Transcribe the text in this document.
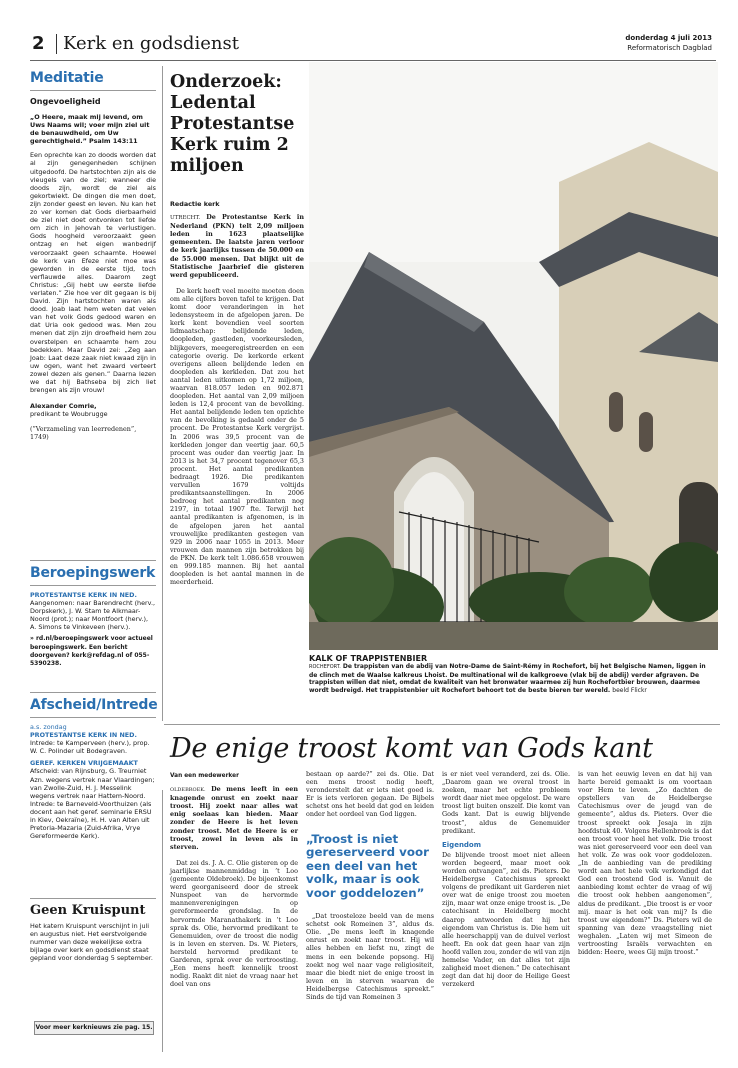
2 Kerk en godsdienst	donderdag 4 juli 2013
Reformatorisch Dagblad
Meditatie
Ongevoeligheid
„O Heere, maak mij levend, om Uws Naams wil; voer mijn ziel uit de benauwdheid, om Uw gerechtigheid.” Psalm 143:11
Een oprechte kan zo doods worden dat al zijn genegenheden schijnen uitgedoofd. De hartstochten zijn als de vleugels van de ziel; wanneer die doods zijn, wordt de ziel als gekortwiekt. De dingen die men doet, zijn zonder geest en leven. Nu kan het zo ver komen dat Gods dierbaarheid de ziel niet doet ontvonken tot liefde om zich in Jehovah te verlustigen. Gods hoogheid veroorzaakt geen ontzag en het eigen wanbedrijf veroorzaakt geen schaamte. Hoewel de kerk van Efeze niet moe was geworden in de eerste tijd, toch verflauwde alles. Daarom zegt Christus: „Gij hebt uw eerste liefde verlaten.” Zie hoe ver dit gegaan is bij David. Zijn hartstochten waren als dood. Joab laat hem weten dat velen van het volk Gods gedood waren en dat Uria ook gedood was. Men zou menen dat zijn zijn droefheid hem zou overstelpen en schaamte hem zou bedekken. Maar David zei: „Zeg aan Joab: Laat deze zaak niet kwaad zijn in uw ogen, want het zwaard verteert zowel dezen als genen.” Daarna lezen we dat hij Bathseba bij zich liet brengen als zijn vrouw!
Alexander Comrie,
predikant te Woubrugge
(”Verzameling van leerredenen”, 1749)
Beroepingswerk
PROTESTANTSE KERK IN NED.
Aangenomen: naar Barendrecht (herv., Dorpskerk), J. W. Stam te Alkmaar-Noord (prot.); naar Montfoort (herv.), A. Simons te Vinkeveen (herv.).
» rd.nl/beroepingswerk voor actueel beroepingswerk. Een bericht doorgeven? kerk@refdag.nl of 055-5390238.
Afscheid/Intrede
a.s. zondag
PROTESTANTSE KERK IN NED.
Intrede: te Kamperveen (herv.), prop. W. C. Polinder uit Bodegraven.
GEREF. KERKEN VRIJGEMAAKT
Afscheid: van Rijnsburg, G. Treurniet Azn. wegens vertrek naar Vlaardingen; van Zwolle-Zuid, H. J. Messelink wegens vertrek naar Hattem-Noord.
Intrede: te Barneveld-Voorthuizen (als docent aan het geref. seminarie ERSU in Kiev, Oekraïne), H. H. van Alten uit Pretoria-Mazaria (Zuid-Afrika, Vrye Gereformeerde Kerk).
Geen Kruispunt
Het katern Kruispunt verschijnt in juli en augustus niet. Het eerstvolgende nummer van deze wekelijkse extra bijlage over kerk en godsdienst staat gepland voor donderdag 5 september.
Voor meer kerknieuws zie pag. 15.
Onderzoek: Ledental Protestantse Kerk ruim 2 miljoen
Redactie kerk
UTRECHT. De Protestantse Kerk in Nederland (PKN) telt 2,09 miljoen leden in 1623 plaatselijke gemeenten. De laatste jaren verloor de kerk jaarlijks tussen de 50.000 en de 55.000 mensen. Dat blijkt uit de Statistische Jaarbrief die gisteren werd gepubliceerd.
De kerk heeft veel moeite moeten doen om alle cijfers boven tafel te krijgen. Dat komt door veranderingen in het ledensysteem in de afgelopen jaren. De kerk kent bovendien veel soorten lidmaatschap: belijdende leden, doopleden, gastleden, voorkeursleden, blijkgevers, meegeregistreerden en een categorie overig. De kerkorde erkent overigens alleen belijdende leden en doopleden als kerkleden. Dat zou het aantal leden uitkomen op 1,72 miljoen, waarvan 818.057 leden en 902.871 doopleden. Het aantal van 2,09 miljoen leden is 12,4 procent van de bevolking. Het aantal belijdende leden ten opzichte van de bevolking is gedaald onder de 5 procent. De Protestantse Kerk vergrijst. In 2006 was 39,5 procent van de kerkleden jonger dan veertig jaar. 60,5 procent was ouder dan veertig jaar. In 2013 is het 34,7 procent tegenover 65,3 procent. Het aantal predikanten bedraagt 1926. Die predikanten vervullen 1679 voltijds predikantsaanstellingen. In 2006 bedroeg het aantal predikanten nog 2197, in totaal 1907 fte. Terwijl het aantal predikanten is afgenomen, is in de afgelopen jaren het aantal vrouwelijke predikanten gestegen van 929 in 2006 naar 1055 in 2013. Meer vrouwen dan mannen zijn betrokken bij de PKN. De kerk telt 1.086.658 vrouwen en 999.185 mannen. Bij het aantal doopleden is het aantal mannen in de meerderheid.
KALK OF TRAPPISTENBIER
ROCHEFORT. De trappisten van de abdij van Notre-Dame de Saint-Rémy in Rochefort, bij het Belgische Namen, liggen in de clinch met de Waalse kalkreus Lhoist. De multinational wil de kalkgroeve (vlak bij de abdij) verder afgraven. De trappisten willen dat niet, omdat de kwaliteit van het bronwater waarmee zij hun Rochefortbier brouwen, daarmee wordt bedreigd. Het trappistenbier uit Rochefort behoort tot de beste bieren ter wereld. beeld Flickr
De enige troost komt van Gods kant
Van een medewerker
OLDEBROEK. De mens leeft in een knagende onrust en zoekt naar troost. Hij zoekt naar alles wat enig soelaas kan bieden. Maar zonder de Heere is het leven zonder troost. Met de Heere is er troost, zowel in leven als in sterven.
Dat zei ds. J. A. C. Olie gisteren op de jaarlijkse mannenmiddag in ’t Loo (gemeente Oldebroek). De bijeenkomst werd georganiseerd door de streek Nunspeet van de hervormde mannenverenigingen op gereformeerde grondslag. In de hervormde Maranathakerk in ’t Loo sprak ds. Olie, hervormd predikant te Genemuiden, over de troost die nodig is in leven en sterven. Ds. W. Pieters, hersteld hervormd predikant te Garderen, sprak over de vertroosting. „Een mens heeft kennelijk troost nodig. Raakt dit niet de vraag naar het doel van ons
bestaan op aarde?” zei ds. Olie. Dat een mens troost nodig heeft, veronderstelt dat er iets niet goed is. Er is iets verloren gegaan. De Bijbels schetst ons het beeld dat god en leiden onder het oordeel van God liggen.
„Troost is niet gereserveerd voor een deel van het volk, maar is ook voor goddelozen”
„Dat troosteloze beeld van de mens schetst ook Romeinen 3”, aldus ds. Olie. „De mens leeft in knagende onrust en zoekt naar troost. Hij wil alles hebben en liefst nu, zingt de mens in een bekende popsong. Hij zoekt nog wel naar vage religiositeit, maar die biedt niet de enige troost in leven en in sterven waarvan de Heidelbergse Catechismus spreekt.” Sinds de tijd van Romeinen 3
is er niet veel veranderd, zei ds. Olie. „Daarom gaan we overal troost in zoeken, maar het echte probleem wordt daar niet mee opgelost. De ware troost ligt buiten onszelf. Die komt van Gods kant. Dat is euwig blijvende troost”, aldus de Genemuider predikant.
Eigendom
De blijvende troost moet niet alleen worden begeerd, maar moet ook worden ontvangen”, zei ds. Pieters. De Heidelbergse Catechismus spreekt volgens de predikant uit Garderen niet over wat de enige troost zou moeten zijn, maar wat onze enige troost is. „De catechisant in Heidelberg mocht daarop antwoorden dat hij het eigendom van Christus is. Die hem uit alle heerschappij van de duivel verlost heeft. En ook dat geen haar van zijn hoofd vallen zou, zonder de wil van zijn hemelse Vader, en dat alles tot zijn zaligheid moet dienen.” De catechisant zegt dan dat hij door de Heilige Geest verzekerd
is van het eeuwig leven en dat hij van harte bereid gemaakt is om voortaan voor Hem te leven. „Zo dachten de opstellers van de Heidelbergse Catechismus over de jeugd van de gemeente”, aldus ds. Pieters. Over die troost spreekt ook Jesaja in zijn hoofdstuk 40. Volgens Hellenbroek is dat een troost voor heel het volk. Die troost was niet gereserveerd voor een deel van het volk. Ze was ook voor goddelozen. „In de aanbieding van de prediking wordt aan het hele volk verkondigd dat God een troostend God is. Vanuit de aanbieding komt echter de vraag of wij die troost ook hebben aangenomen”, aldus de predikant. „Die troost is er voor mij. maar is het ook van mij? Is die troost uw eigendom?” Ds. Pieters wil de spanning van deze vraagstelling niet weghalen. „Laten wij met Simeon de vertroosting Israëls verwachten en bidden: Heere, wees Gij mijn troost.”
